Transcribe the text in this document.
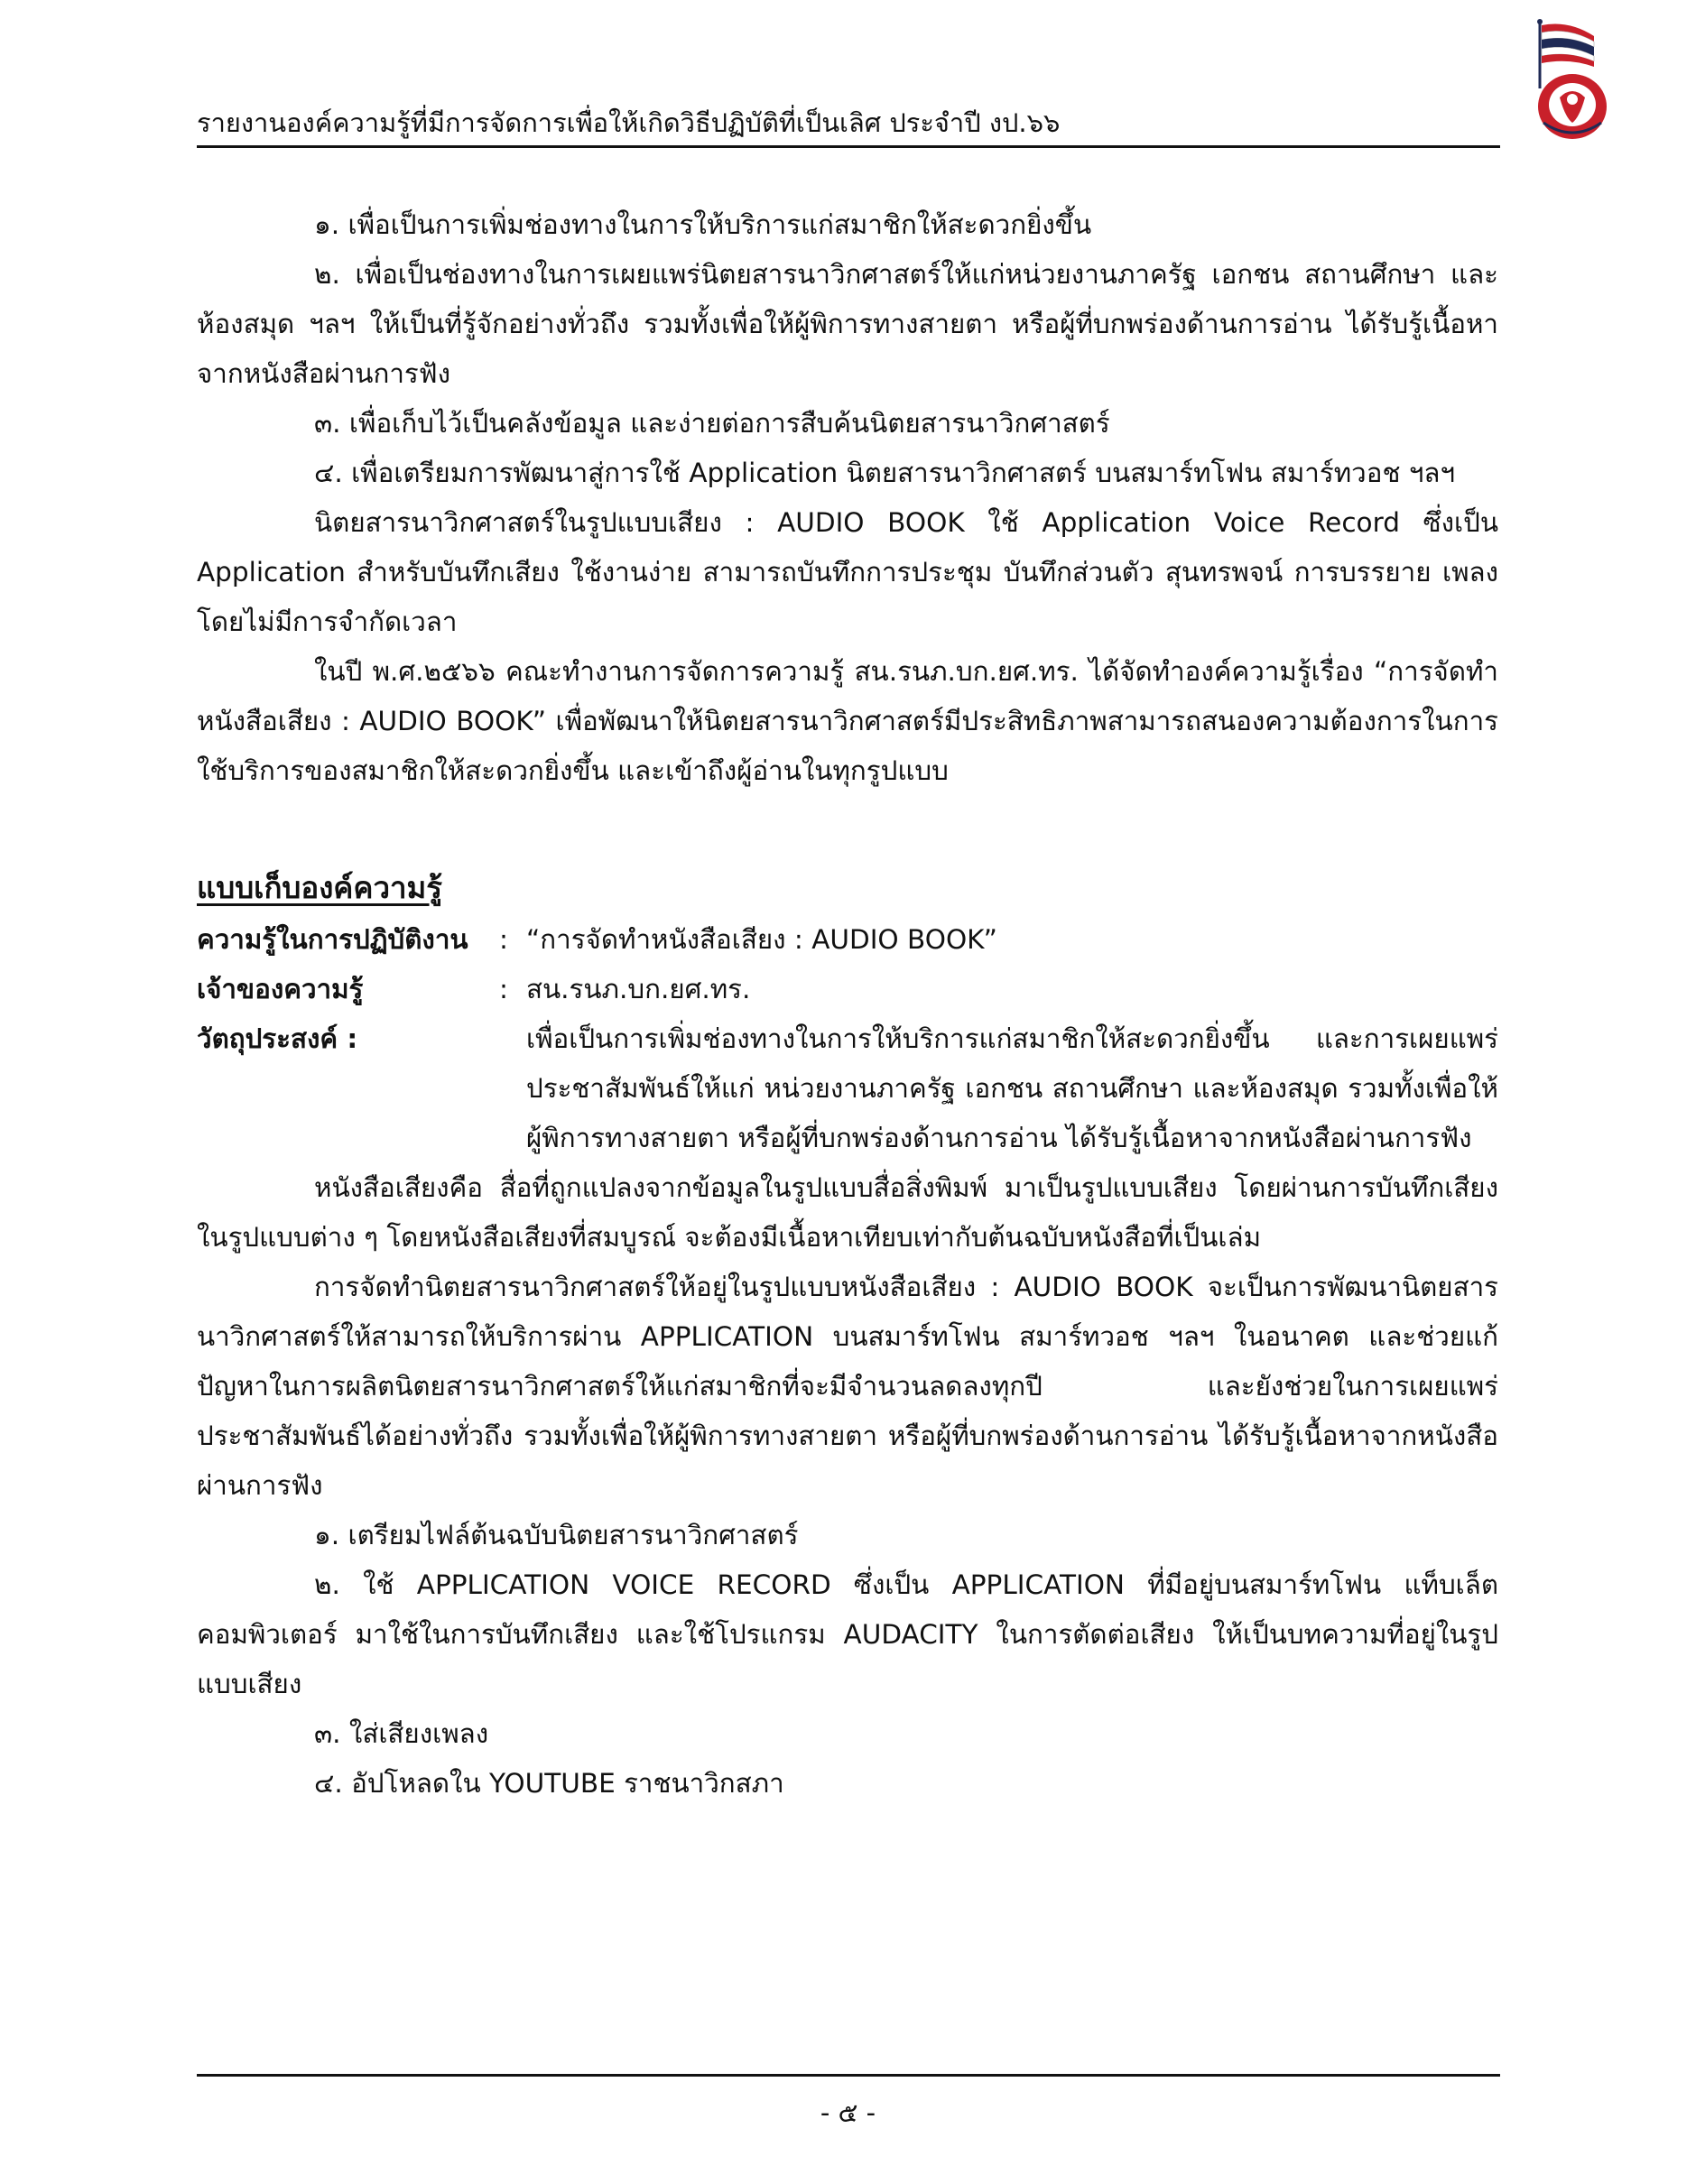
รายงานองค์ความรู้ที่มีการจัดการเพื่อให้เกิดวิธีปฏิบัติที่เป็นเลิศ ประจำปี งป.๖๖

๑. เพื่อเป็นการเพิ่มช่องทางในการให้บริการแก่สมาชิกให้สะดวกยิ่งขึ้น

๒. เพื่อเป็นช่องทางในการเผยแพร่นิตยสารนาวิกศาสตร์ให้แก่หน่วยงานภาครัฐ เอกชน สถานศึกษา และห้องสมุด ฯลฯ ให้เป็นที่รู้จักอย่างทั่วถึง รวมทั้งเพื่อให้ผู้พิการทางสายตา หรือผู้ที่บกพร่องด้านการอ่าน ได้รับรู้เนื้อหาจากหนังสือผ่านการฟัง

๓. เพื่อเก็บไว้เป็นคลังข้อมูล และง่ายต่อการสืบค้นนิตยสารนาวิกศาสตร์

๔. เพื่อเตรียมการพัฒนาสู่การใช้ Application นิตยสารนาวิกศาสตร์ บนสมาร์ทโฟน สมาร์ทวอช ฯลฯ

นิตยสารนาวิกศาสตร์ในรูปแบบเสียง : AUDIO BOOK ใช้ Application Voice Record ซึ่งเป็น Application สำหรับบันทึกเสียง ใช้งานง่าย สามารถบันทึกการประชุม บันทึกส่วนตัว สุนทรพจน์ การบรรยาย เพลง โดยไม่มีการจำกัดเวลา

ในปี พ.ศ.๒๕๖๖ คณะทำงานการจัดการความรู้ สน.รนภ.บก.ยศ.ทร. ได้จัดทำองค์ความรู้เรื่อง “การจัดทำหนังสือเสียง : AUDIO BOOK” เพื่อพัฒนาให้นิตยสารนาวิกศาสตร์มีประสิทธิภาพสามารถสนองความต้องการในการใช้บริการของสมาชิกให้สะดวกยิ่งขึ้น และเข้าถึงผู้อ่านในทุกรูปแบบ

แบบเก็บองค์ความรู้

ความรู้ในการปฏิบัติงาน	: “การจัดทำหนังสือเสียง : AUDIO BOOK”
เจ้าของความรู้	: สน.รนภ.บก.ยศ.ทร.
วัตถุประสงค์ :	เพื่อเป็นการเพิ่มช่องทางในการให้บริการแก่สมาชิกให้สะดวกยิ่งขึ้น และการเผยแพร่ประชาสัมพันธ์ให้แก่ หน่วยงานภาครัฐ เอกชน สถานศึกษา และห้องสมุด รวมทั้งเพื่อให้ผู้พิการทางสายตา หรือผู้ที่บกพร่องด้านการอ่าน ได้รับรู้เนื้อหาจากหนังสือผ่านการฟัง

หนังสือเสียงคือ สื่อที่ถูกแปลงจากข้อมูลในรูปแบบสื่อสิ่งพิมพ์ มาเป็นรูปแบบเสียง โดยผ่านการบันทึกเสียงในรูปแบบต่าง ๆ โดยหนังสือเสียงที่สมบูรณ์ จะต้องมีเนื้อหาเทียบเท่ากับต้นฉบับหนังสือที่เป็นเล่ม

การจัดทำนิตยสารนาวิกศาสตร์ให้อยู่ในรูปแบบหนังสือเสียง : AUDIO BOOK จะเป็นการพัฒนานิตยสารนาวิกศาสตร์ให้สามารถให้บริการผ่าน APPLICATION บนสมาร์ทโฟน สมาร์ทวอช ฯลฯ ในอนาคต และช่วยแก้ปัญหาในการผลิตนิตยสารนาวิกศาสตร์ให้แก่สมาชิกที่จะมีจำนวนลดลงทุกปี และยังช่วยในการเผยแพร่ ประชาสัมพันธ์ได้อย่างทั่วถึง รวมทั้งเพื่อให้ผู้พิการทางสายตา หรือผู้ที่บกพร่องด้านการอ่าน ได้รับรู้เนื้อหาจากหนังสือผ่านการฟัง

๑. เตรียมไฟล์ต้นฉบับนิตยสารนาวิกศาสตร์

๒. ใช้ APPLICATION VOICE RECORD ซึ่งเป็น APPLICATION ที่มีอยู่บนสมาร์ทโฟน แท็บเล็ต คอมพิวเตอร์ มาใช้ในการบันทึกเสียง และใช้โปรแกรม AUDACITY ในการตัดต่อเสียง ให้เป็นบทความที่อยู่ในรูปแบบเสียง

๓. ใส่เสียงเพลง

๔. อัปโหลดใน YOUTUBE ราชนาวิกสภา

- ๕ -
